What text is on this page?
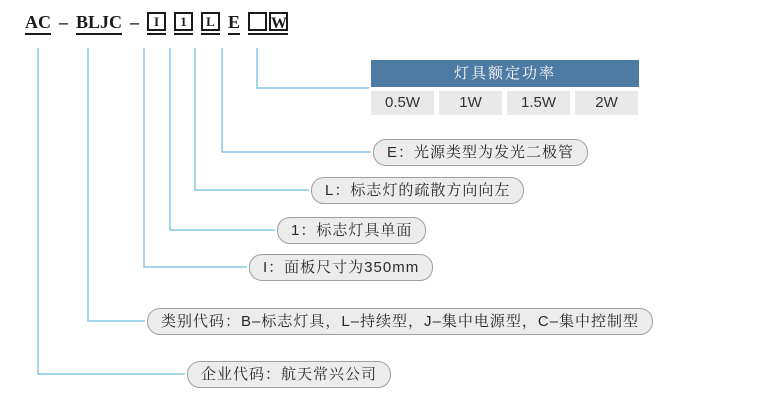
AC – BLJC –	I	1	L E W
灯具额定功率
0.5W	1W	1.5W	2W
E：光源类型为发光二极管
L：标志灯的疏散方向向左
1：标志灯具单面
I：面板尺寸为350mm
类别代码：B–标志灯具，L–持续型，J–集中电源型，C–集中控制型
企业代码：航天常兴公司
